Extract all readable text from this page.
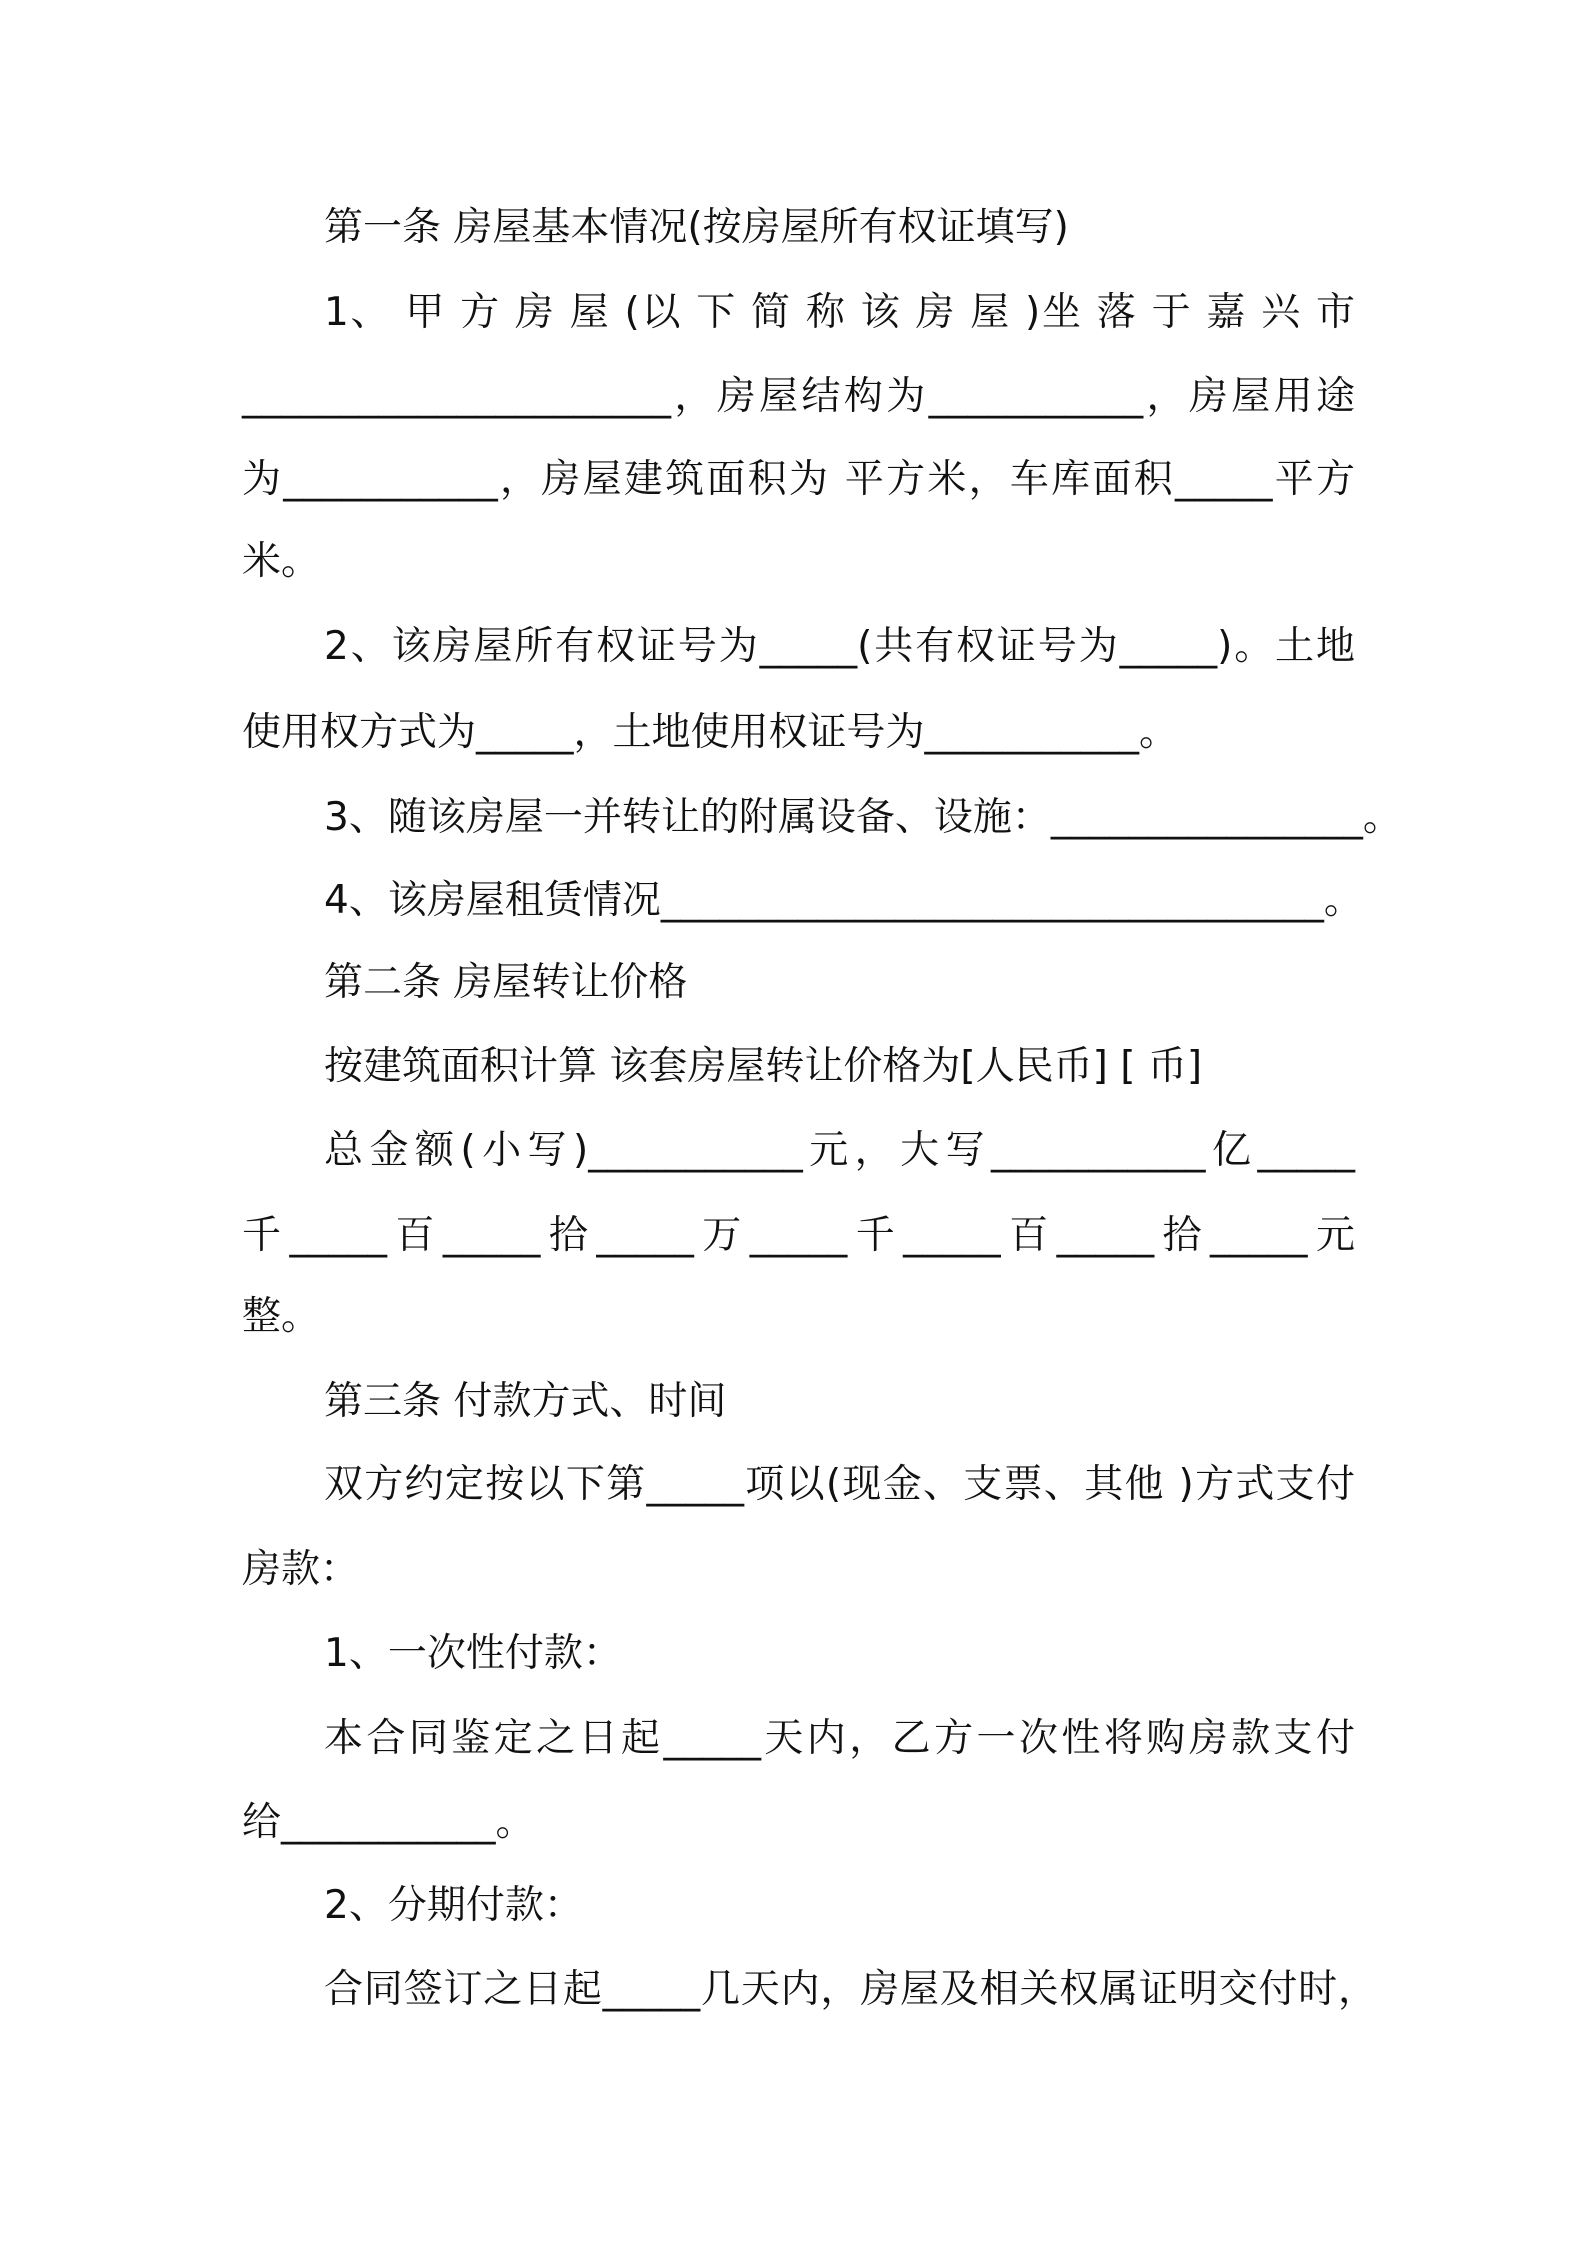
第一条 房屋基本情况(按房屋所有权证填写)
1、 甲 方 房 屋 (以 下 简 称 该 房 屋 )坐 落 于 嘉 兴 市
______________________，房屋结构为___________，房屋用途
为___________，房屋建筑面积为 平方米，车库面积_____平方
米。
2、该房屋所有权证号为_____(共有权证号为_____)。土地
使用权方式为_____，土地使用权证号为___________。
3、随该房屋一并转让的附属设备、设施：________________。
4、该房屋租赁情况__________________________________。
第二条 房屋转让价格
按建筑面积计算 该套房屋转让价格为[人民币] [ 币]
总金额(小写)___________元，大写___________亿_____
千_____百_____拾_____万_____千_____百_____拾_____元
整。
第三条 付款方式、时间
双方约定按以下第_____项以(现金、支票、其他 )方式支付
房款：
1、一次性付款：
本合同鉴定之日起_____天内，乙方一次性将购房款支付
给___________。
2、分期付款：
合同签订之日起_____几天内，房屋及相关权属证明交付时，
